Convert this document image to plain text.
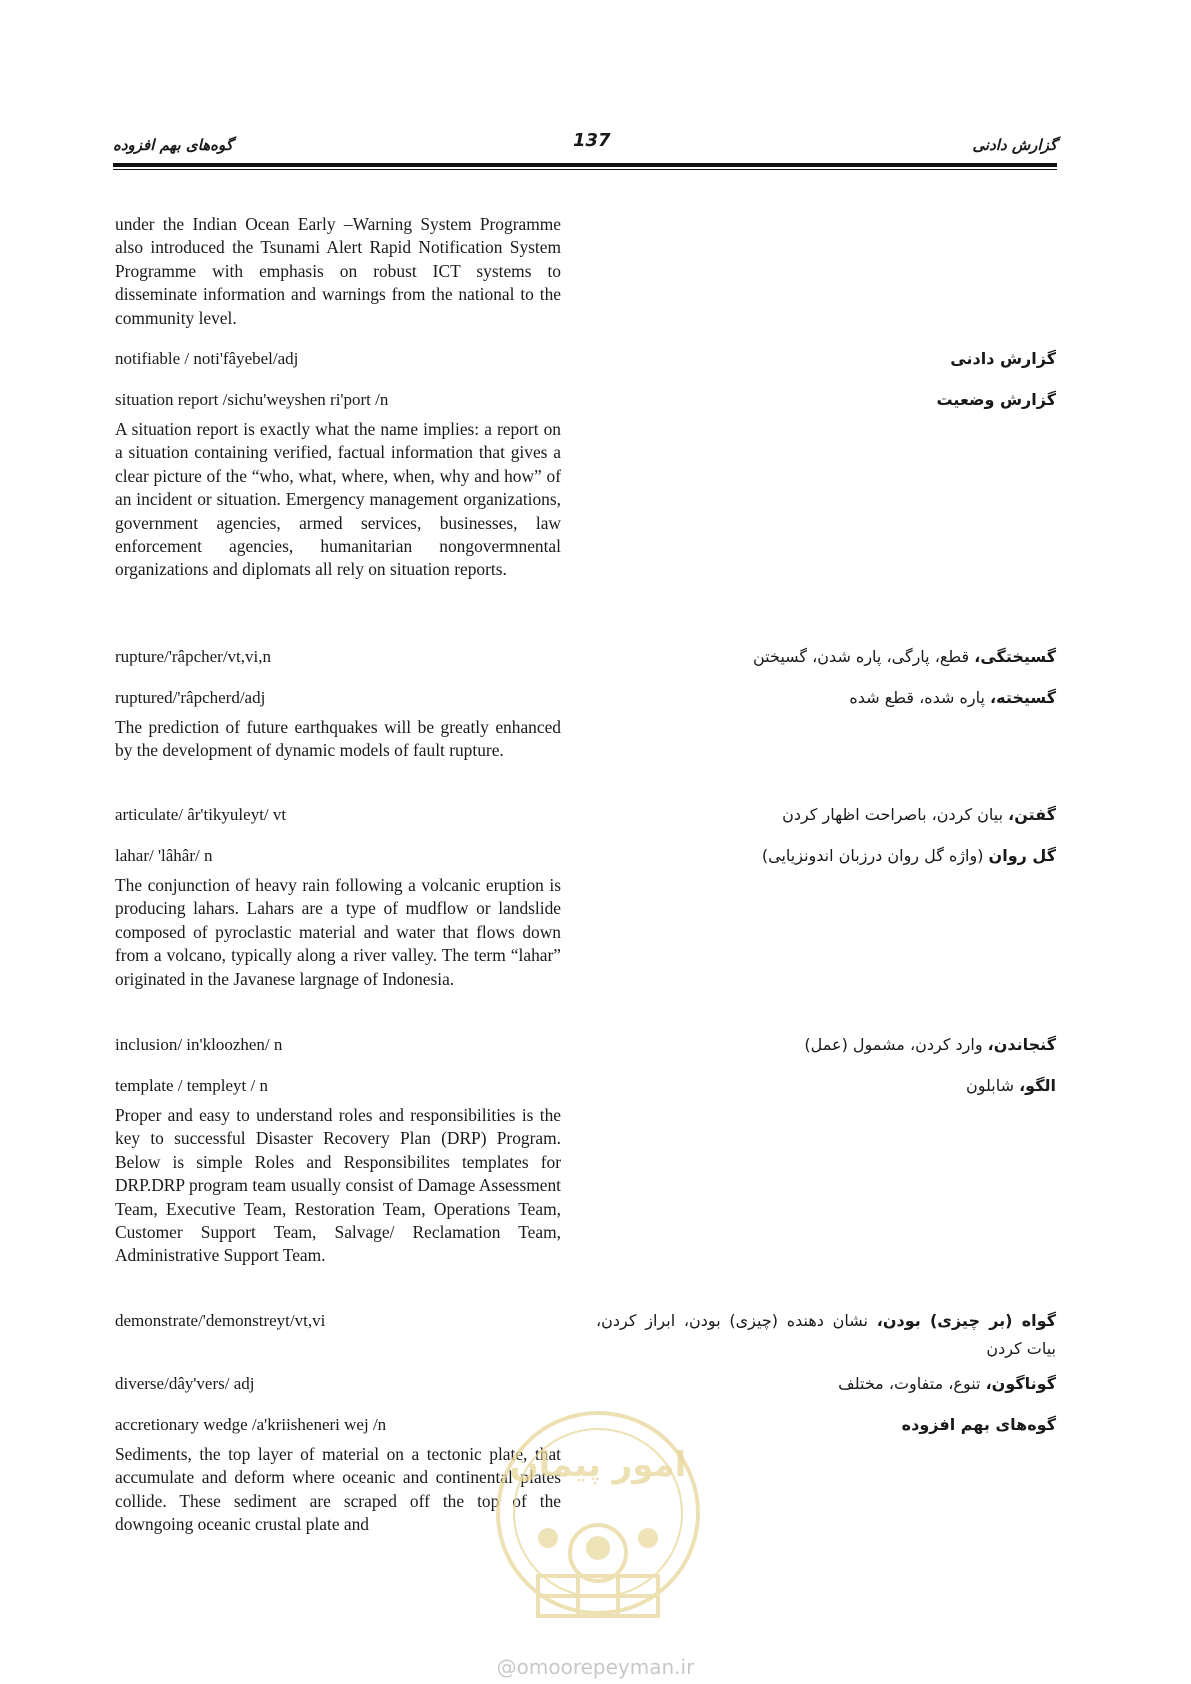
گوه‌های بهم افزوده	137	گزارش دادنی
under the Indian Ocean Early –Warning System Programme also introduced the Tsunami Alert Rapid Notification System Programme with emphasis on robust ICT systems to disseminate information and warnings from the national to the community level.
notifiable / noti'fâyebel/adj	گزارش دادنی
situation report /sichu'weyshen ri'port /n	گزارش وضعیت
A situation report is exactly what the name implies: a report on a situation containing verified, factual information that gives a clear picture of the “who, what, where, when, why and how” of an incident or situation. Emergency management organizations, government agencies, armed services, businesses, law enforcement agencies, humanitarian nongovermnental organizations and diplomats all rely on situation reports.
rupture/'râpcher/vt,vi,n	گسیختگی، قطع، پارگی، پاره شدن، گسیختن
ruptured/'râpcherd/adj	گسیخته، پاره شده، قطع شده
The prediction of future earthquakes will be greatly enhanced by the development of dynamic models of fault rupture.
articulate/ âr'tikyuleyt/ vt	گفتن، بیان کردن، باصراحت اظهار کردن
lahar/ 'lâhâr/ n	گل روان (واژه گل روان درزبان اندونزیایی)
The conjunction of heavy rain following a volcanic eruption is producing lahars. Lahars are a type of mudflow or landslide composed of pyroclastic material and water that flows down from a volcano, typically along a river valley. The term “lahar” originated in the Javanese largnage of Indonesia.
inclusion/ in'kloozhen/ n	گنجاندن، وارد کردن، مشمول (عمل)
template / templeyt / n	الگو، شابلون
Proper and easy to understand roles and responsibilities is the key to successful Disaster Recovery Plan (DRP) Program. Below is simple Roles and Responsibilites templates for DRP.DRP program team usually consist of Damage Assessment Team, Executive Team, Restoration Team, Operations Team, Customer Support Team, Salvage/ Reclamation Team, Administrative Support Team.
demonstrate/'demonstreyt/vt,vi	گواه (بر چیزی) بودن، نشان دهنده (چیزی) بودن، ابراز کردن، بیات کردن
diverse/dây'vers/ adj	گوناگون، تنوع، متفاوت، مختلف
accretionary wedge /a'kriisheneri wej /n	گوه‌های بهم افزوده
Sediments, the top layer of material on a tectonic plate, that accumulate and deform where oceanic and continental plates collide. These sediment are scraped off the top of the downgoing oceanic crustal plate and
امور پیمان
@omoorepeyman.ir
